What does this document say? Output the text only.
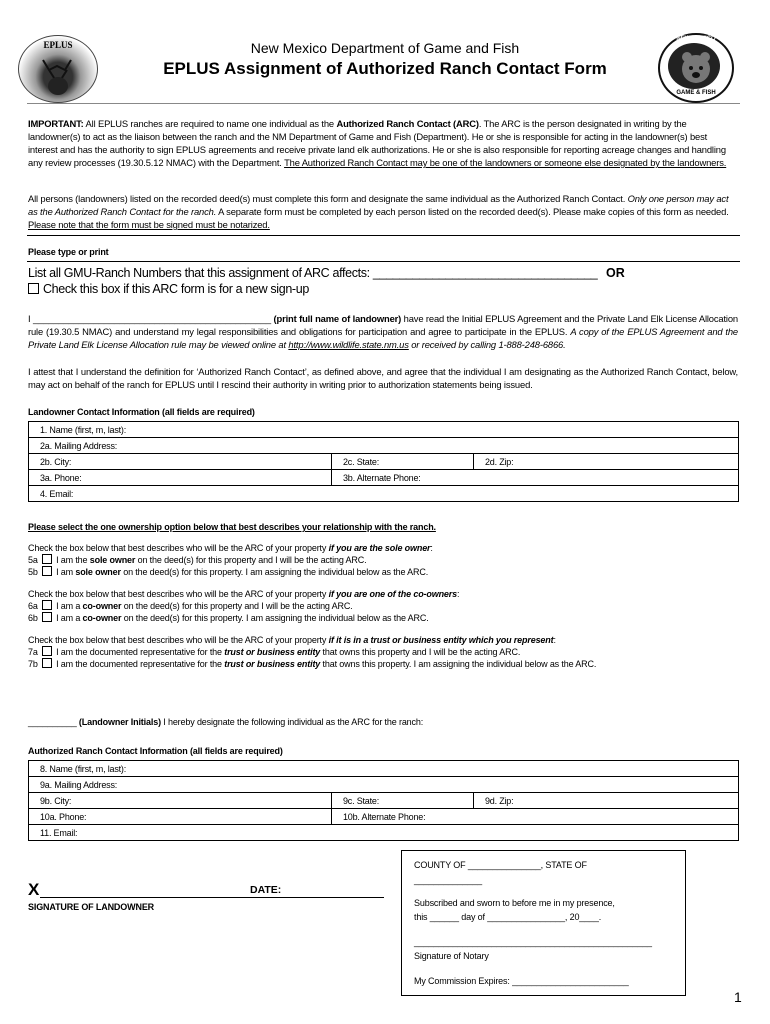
EPLUS	New Mexico Department of Game and Fish
EPLUS Assignment of Authorized Ranch Contact Form
NEW MEXICO
GAME & FISH
IMPORTANT: All EPLUS ranches are required to name one individual as the Authorized Ranch Contact (ARC). The ARC is the person designated in writing by the landowner(s) to act as the liaison between the ranch and the NM Department of Game and Fish (Department). He or she is responsible for acting in the landowner(s) best interest and has the authority to sign EPLUS agreements and receive private land elk authorizations. He or she is also responsible for reporting acreage changes and handling any review processes (19.30.5.12 NMAC) with the Department. The Authorized Ranch Contact may be one of the landowners or someone else designated by the landowners.
All persons (landowners) listed on the recorded deed(s) must complete this form and designate the same individual as the Authorized Ranch Contact. Only one person may act as the Authorized Ranch Contact for the ranch. A separate form must be completed by each person listed on the recorded deed(s). Please make copies of this form as needed. Please note that the form must be signed must be notarized.
Please type or print
List all GMU-Ranch Numbers that this assignment of ARC affects: __________________________________ OR
Check this box if this ARC form is for a new sign-up
I _______________________________________________ (print full name of landowner) have read the Initial EPLUS Agreement and the Private Land Elk License Allocation rule (19.30.5 NMAC) and understand my legal responsibilities and obligations for participation and agree to participate in the EPLUS. A copy of the EPLUS Agreement and the Private Land Elk License Allocation rule may be viewed online at http://www.wildlife.state.nm.us or received by calling 1-888-248-6866.
I attest that I understand the definition for ‘Authorized Ranch Contact’, as defined above, and agree that the individual I am designating as the Authorized Ranch Contact, below, may act on behalf of the ranch for EPLUS until I rescind their authority in writing prior to authorization statements being issued.
Landowner Contact Information (all fields are required)
1. Name (first, m, last):		
2a. Mailing Address:		
2b. City:	2c. State:	2d. Zip:
3a. Phone:	3b. Alternate Phone:	
4. Email:		
Please select the one ownership option below that best describes your relationship with the ranch.
Check the box below that best describes who will be the ARC of your property if you are the sole owner:
5a I am the sole owner on the deed(s) for this property and I will be the acting ARC.
5b I am sole owner on the deed(s) for this property. I am assigning the individual below as the ARC.
Check the box below that best describes who will be the ARC of your property if you are one of the co-owners:
6a I am a co-owner on the deed(s) for this property and I will be the acting ARC.
6b I am a co-owner on the deed(s) for this property. I am assigning the individual below as the ARC.
Check the box below that best describes who will be the ARC of your property if it is in a trust or business entity which you represent:
7a I am the documented representative for the trust or business entity that owns this property and I will be the acting ARC.
7b I am the documented representative for the trust or business entity that owns this property. I am assigning the individual below as the ARC.
__________ (Landowner Initials) I hereby designate the following individual as the ARC for the ranch:
Authorized Ranch Contact Information (all fields are required)
8. Name (first, m, last):		
9a. Mailing Address:		
9b. City:	9c. State:	9d. Zip:
10a. Phone:	10b. Alternate Phone:	
11. Email:		
X	DATE:
SIGNATURE OF LANDOWNER
COUNTY OF _______________, STATE OF
______________
Subscribed and sworn to before me in my presence,
this ______ day of ________________, 20____.
_________________________________________________
Signature of Notary
My Commission Expires: ________________________
1
